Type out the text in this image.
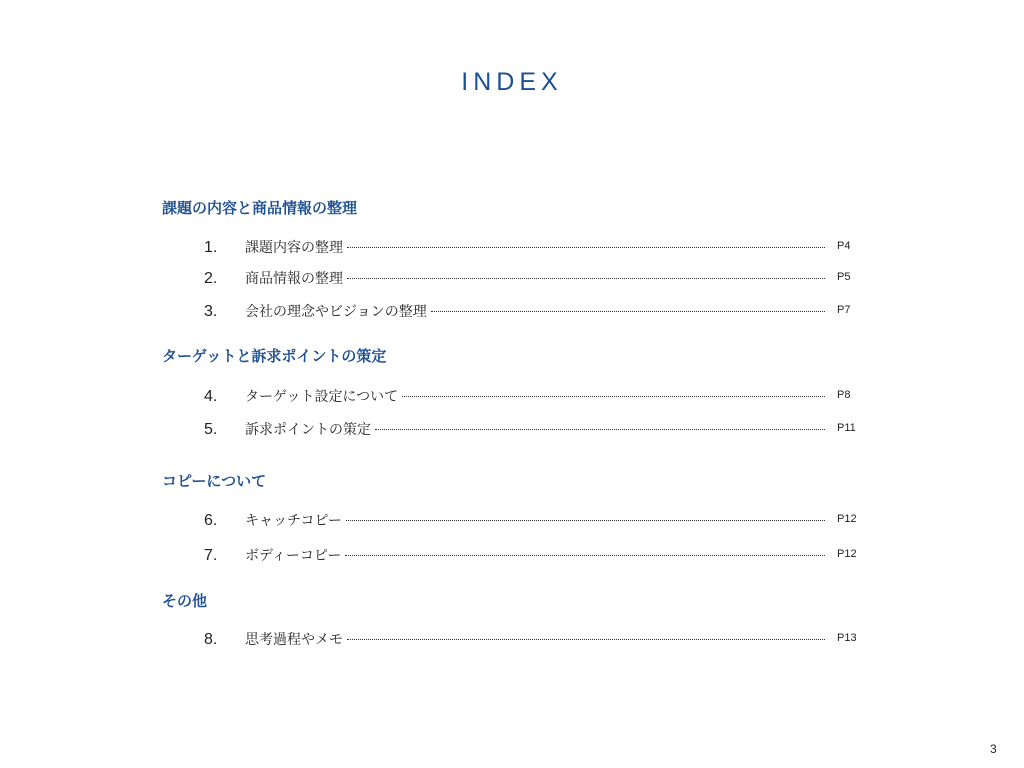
INDEX
課題の内容と商品情報の整理
1. 課題内容の整理	P4
2. 商品情報の整理	P5
3. 会社の理念やビジョンの整理	P7
ターゲットと訴求ポイントの策定
4. ターゲット設定について	P8
5. 訴求ポイントの策定	P11
コピーについて
6. キャッチコピー	P12
7. ボディーコピー	P12
その他
8. 思考過程やメモ	P13
3
